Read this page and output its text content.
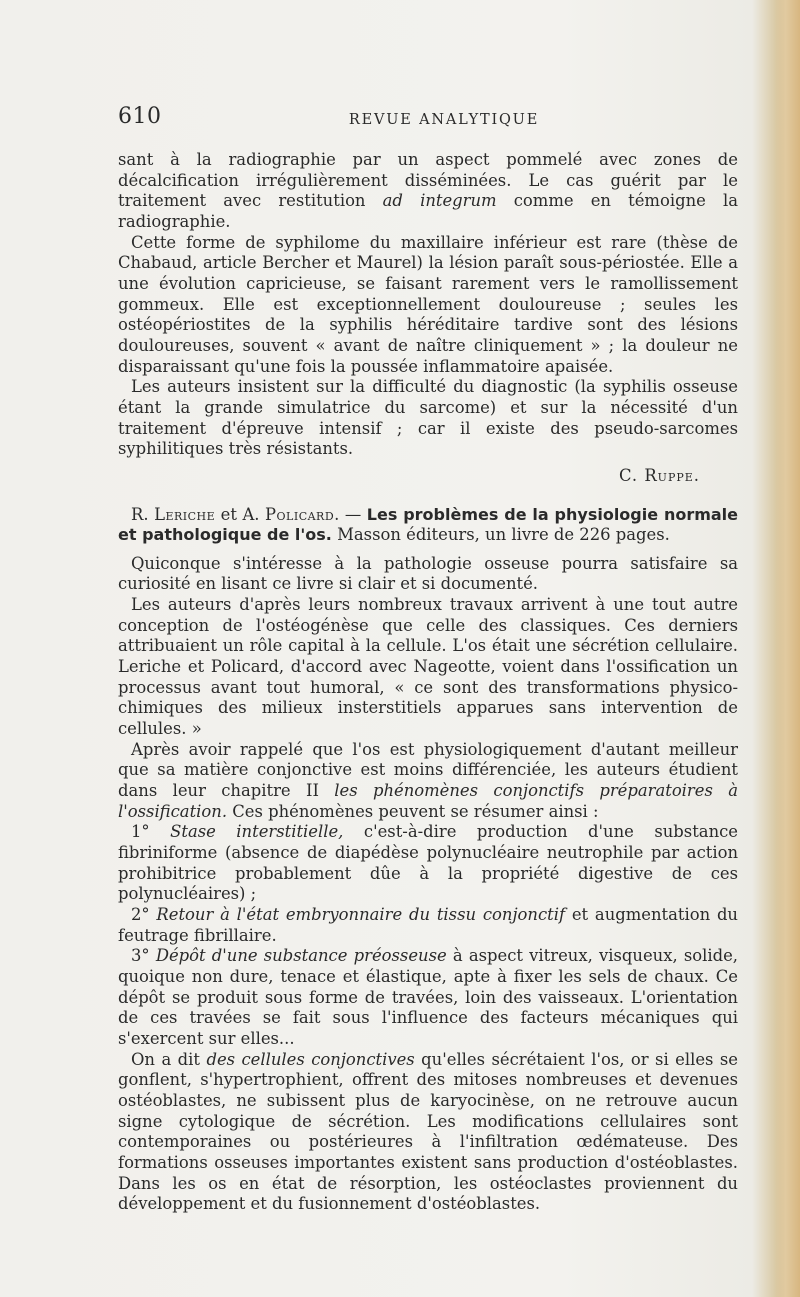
610	REVUE ANALYTIQUE

sant à la radiographie par un aspect pommelé avec zones de décalcification irrégulièrement disséminées. Le cas guérit par le traitement avec restitution ad integrum comme en témoigne la radiographie.

Cette forme de syphilome du maxillaire inférieur est rare (thèse de Chabaud, article Bercher et Maurel) la lésion paraît sous-périostée. Elle a une évolution capricieuse, se faisant rarement vers le ramollissement gommeux. Elle est exceptionnellement douloureuse ; seules les ostéopériostites de la syphilis héréditaire tardive sont des lésions douloureuses, souvent « avant de naître cliniquement » ; la douleur ne disparaissant qu'une fois la poussée inflammatoire apaisée.

Les auteurs insistent sur la difficulté du diagnostic (la syphilis osseuse étant la grande simulatrice du sarcome) et sur la nécessité d'un traitement d'épreuve intensif ; car il existe des pseudo-sarcomes syphilitiques très résistants.

C. Ruppe.

R. Leriche et A. Policard. — Les problèmes de la physiologie normale et pathologique de l'os. Masson éditeurs, un livre de 226 pages.

Quiconque s'intéresse à la pathologie osseuse pourra satisfaire sa curiosité en lisant ce livre si clair et si documenté.

Les auteurs d'après leurs nombreux travaux arrivent à une tout autre conception de l'ostéogénèse que celle des classiques. Ces derniers attribuaient un rôle capital à la cellule. L'os était une sécrétion cellulaire. Leriche et Policard, d'accord avec Nageotte, voient dans l'ossification un processus avant tout humoral, « ce sont des transformations physico-chimiques des milieux insterstitiels apparues sans intervention de cellules. »

Après avoir rappelé que l'os est physiologiquement d'autant meilleur que sa matière conjonctive est moins différenciée, les auteurs étudient dans leur chapitre II les phénomènes conjonctifs préparatoires à l'ossification. Ces phénomènes peuvent se résumer ainsi :

1° Stase interstitielle, c'est-à-dire production d'une substance fibriniforme (absence de diapédèse polynucléaire neutrophile par action prohibitrice probablement dûe à la propriété digestive de ces polynucléaires) ;

2° Retour à l'état embryonnaire du tissu conjonctif et augmentation du feutrage fibrillaire.

3° Dépôt d'une substance préosseuse à aspect vitreux, visqueux, solide, quoique non dure, tenace et élastique, apte à fixer les sels de chaux. Ce dépôt se produit sous forme de travées, loin des vaisseaux. L'orientation de ces travées se fait sous l'influence des facteurs mécaniques qui s'exercent sur elles...

On a dit des cellules conjonctives qu'elles sécrétaient l'os, or si elles se gonflent, s'hypertrophient, offrent des mitoses nombreuses et devenues ostéoblastes, ne subissent plus de karyocinèse, on ne retrouve aucun signe cytologique de sécrétion. Les modifications cellulaires sont contemporaines ou postérieures à l'infiltration œdémateuse. Des formations osseuses importantes existent sans production d'ostéoblastes. Dans les os en état de résorption, les ostéoclastes proviennent du développement et du fusionnement d'ostéoblastes.
